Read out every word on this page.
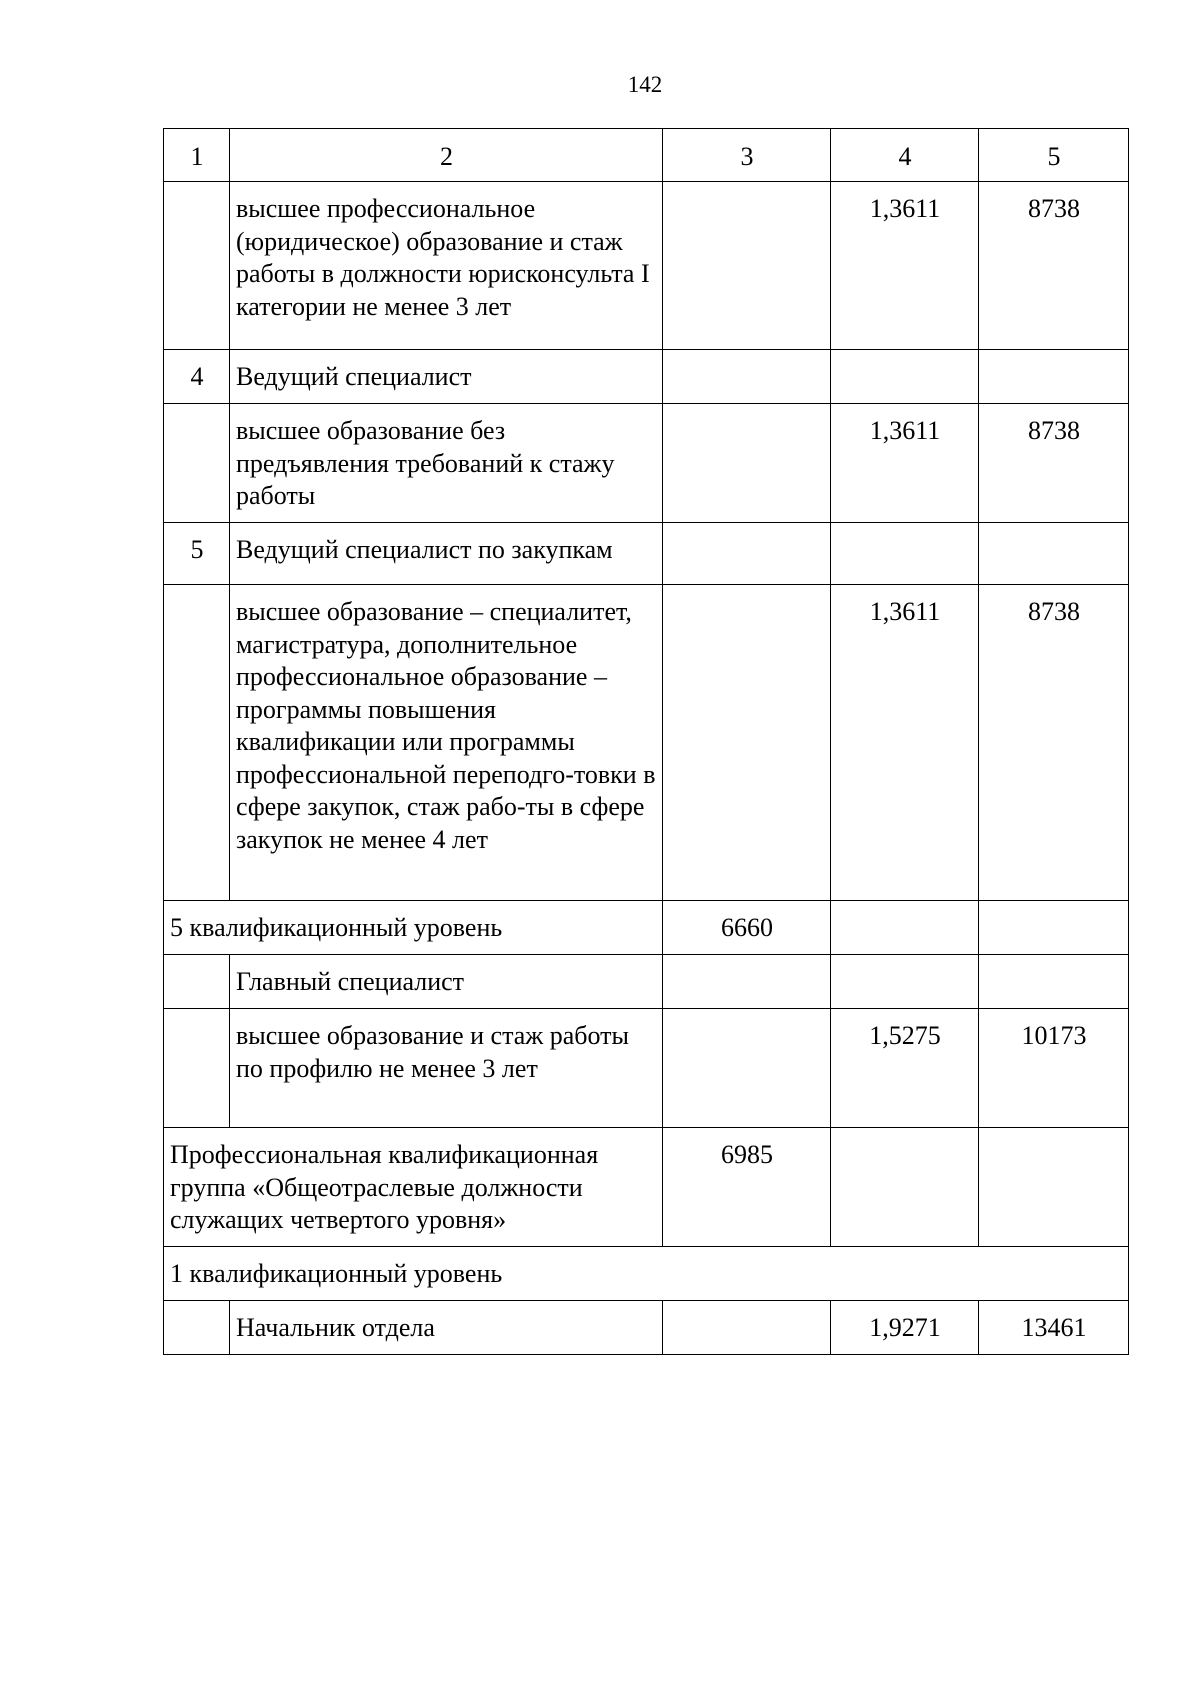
142
1	2	3	4	5
	высшее профессиональное (юридическое) образование и стаж работы в должности юрисконсульта I категории не менее 3 лет		1,3611	8738
4	Ведущий специалист			
	высшее образование без предъявления требований к стажу работы		1,3611	8738
5	Ведущий специалист по закупкам			
	высшее образование – специалитет, магистратура, дополнительное профессиональное образование – программы повышения квалификации или программы профессиональной переподго-товки в сфере закупок, стаж рабо-ты в сфере закупок не менее 4 лет		1,3611	8738
5 квалификационный уровень		6660		
	Главный специалист			
	высшее образование и стаж работы по профилю не менее 3 лет		1,5275	10173
Профессиональная квалификационная группа «Общеотраслевые должности служащих четвертого уровня»		6985		
1 квалификационный уровень				
	Начальник отдела		1,9271	13461
